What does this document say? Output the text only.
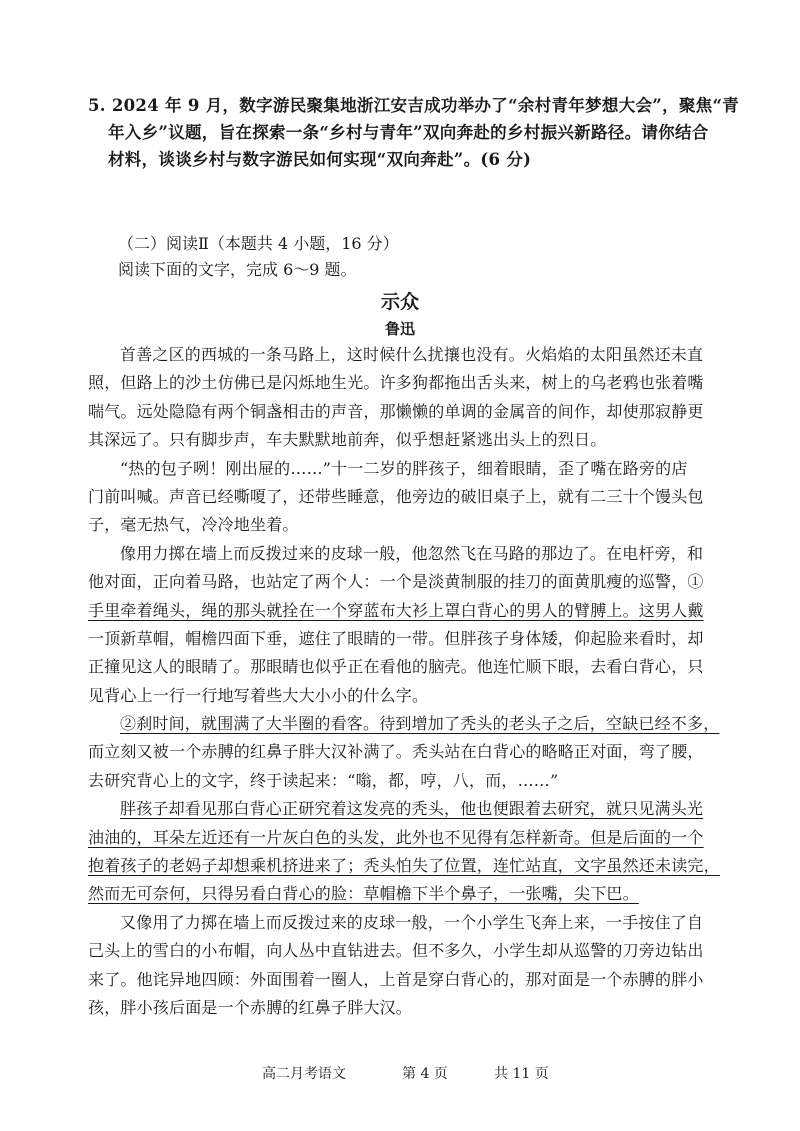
5. 2024 年 9 月，数字游民聚集地浙江安吉成功举办了“余村青年梦想大会”，聚焦“青
年入乡”议题，旨在探索一条“乡村与青年”双向奔赴的乡村振兴新路径。请你结合
材料，谈谈乡村与数字游民如何实现“双向奔赴”。(6 分)
（二）阅读Ⅱ（本题共 4 小题，16 分）
阅读下面的文字，完成 6～9 题。
示众
鲁迅
首善之区的西城的一条马路上，这时候什么扰攘也没有。火焰焰的太阳虽然还未直
照，但路上的沙土仿佛已是闪烁地生光。许多狗都拖出舌头来，树上的乌老鸦也张着嘴
喘气。远处隐隐有两个铜盏相击的声音，那懒懒的单调的金属音的间作，却使那寂静更
其深远了。只有脚步声，车夫默默地前奔，似乎想赶紧逃出头上的烈日。
“热的包子咧！刚出屉的……”十一二岁的胖孩子，细着眼睛，歪了嘴在路旁的店
门前叫喊。声音已经嘶嗄了，还带些睡意，他旁边的破旧桌子上，就有二三十个馒头包
子，毫无热气，冷冷地坐着。
像用力掷在墙上而反拨过来的皮球一般，他忽然飞在马路的那边了。在电杆旁，和
他对面，正向着马路，也站定了两个人：一个是淡黄制服的挂刀的面黄肌瘦的巡警，①
手里牵着绳头，绳的那头就拴在一个穿蓝布大衫上罩白背心的男人的臂膊上。这男人戴
一顶新草帽，帽檐四面下垂，遮住了眼睛的一带。但胖孩子身体矮，仰起脸来看时，却
正撞见这人的眼睛了。那眼睛也似乎正在看他的脑壳。他连忙顺下眼，去看白背心，只
见背心上一行一行地写着些大大小小的什么字。
②刹时间，就围满了大半圈的看客。待到增加了秃头的老头子之后，空缺已经不多，
而立刻又被一个赤膊的红鼻子胖大汉补满了。秃头站在白背心的略略正对面，弯了腰，
去研究背心上的文字，终于读起来：“嗡，都，哼，八，而，……”
胖孩子却看见那白背心正研究着这发亮的秃头，他也便跟着去研究，就只见满头光
油油的，耳朵左近还有一片灰白色的头发，此外也不见得有怎样新奇。但是后面的一个
抱着孩子的老妈子却想乘机挤进来了；秃头怕失了位置，连忙站直，文字虽然还未读完，
然而无可奈何，只得另看白背心的脸：草帽檐下半个鼻子，一张嘴，尖下巴。
又像用了力掷在墙上而反拨过来的皮球一般，一个小学生飞奔上来，一手按住了自
己头上的雪白的小布帽，向人丛中直钻进去。但不多久，小学生却从巡警的刀旁边钻出
来了。他诧异地四顾：外面围着一圈人，上首是穿白背心的，那对面是一个赤膊的胖小
孩，胖小孩后面是一个赤膊的红鼻子胖大汉。
高二月考语文	第 4 页	共 11 页
